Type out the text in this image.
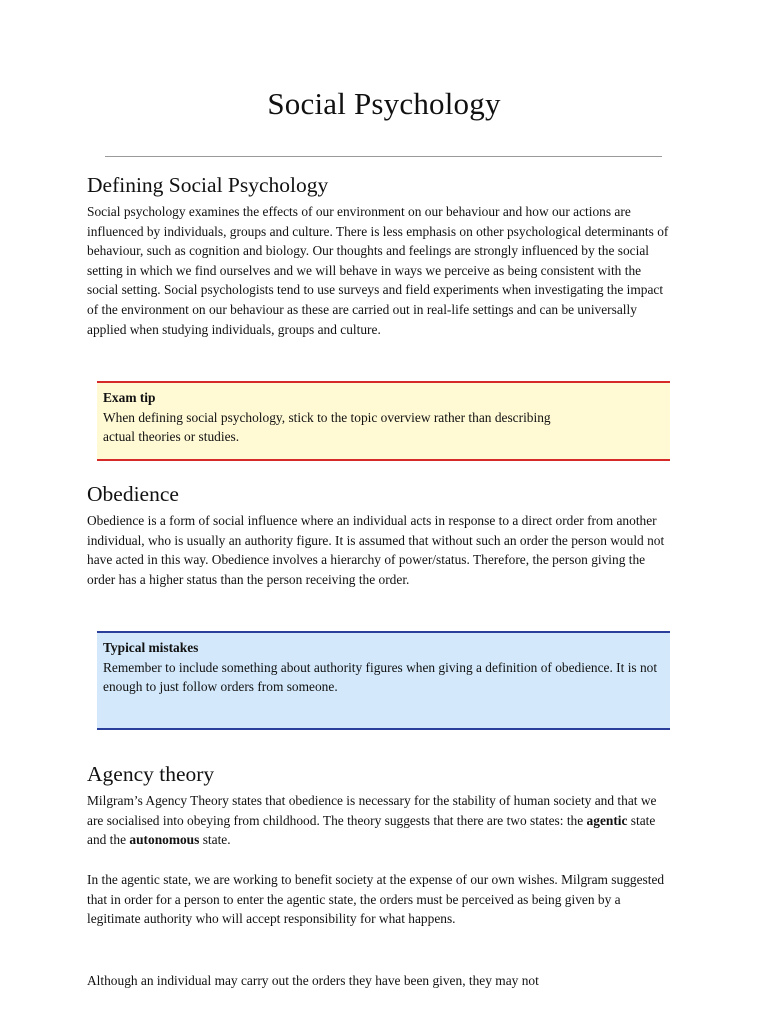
Social Psychology
Defining Social Psychology

Social psychology examines the effects of our environment on our behaviour and how our actions are influenced by individuals, groups and culture. There is less emphasis on other psychological determinants of behaviour, such as cognition and biology. Our thoughts and feelings are strongly influenced by the social setting in which we find ourselves and we will behave in ways we perceive as being consistent with the social setting. Social psychologists tend to use surveys and field experiments when investigating the impact of the environment on our behaviour as these are carried out in real-life settings and can be universally applied when studying individuals, groups and culture.

Exam tip
When defining social psychology, stick to the topic overview rather than describing actual theories or studies.
Obedience

Obedience is a form of social influence where an individual acts in response to a direct order from another individual, who is usually an authority figure. It is assumed that without such an order the person would not have acted in this way. Obedience involves a hierarchy of power/status. Therefore, the person giving the order has a higher status than the person receiving the order.

Typical mistakes
Remember to include something about authority figures when giving a definition of obedience. It is not enough to just follow orders from someone.
Agency theory

Milgram’s Agency Theory states that obedience is necessary for the stability of human society and that we are socialised into obeying from childhood. The theory suggests that there are two states: the agentic state and the autonomous state.

In the agentic state, we are working to benefit society at the expense of our own wishes. Milgram suggested that in order for a person to enter the agentic state, the orders must be perceived as being given by a legitimate authority who will accept responsibility for what happens.

Although an individual may carry out the orders they have been given, they may not
